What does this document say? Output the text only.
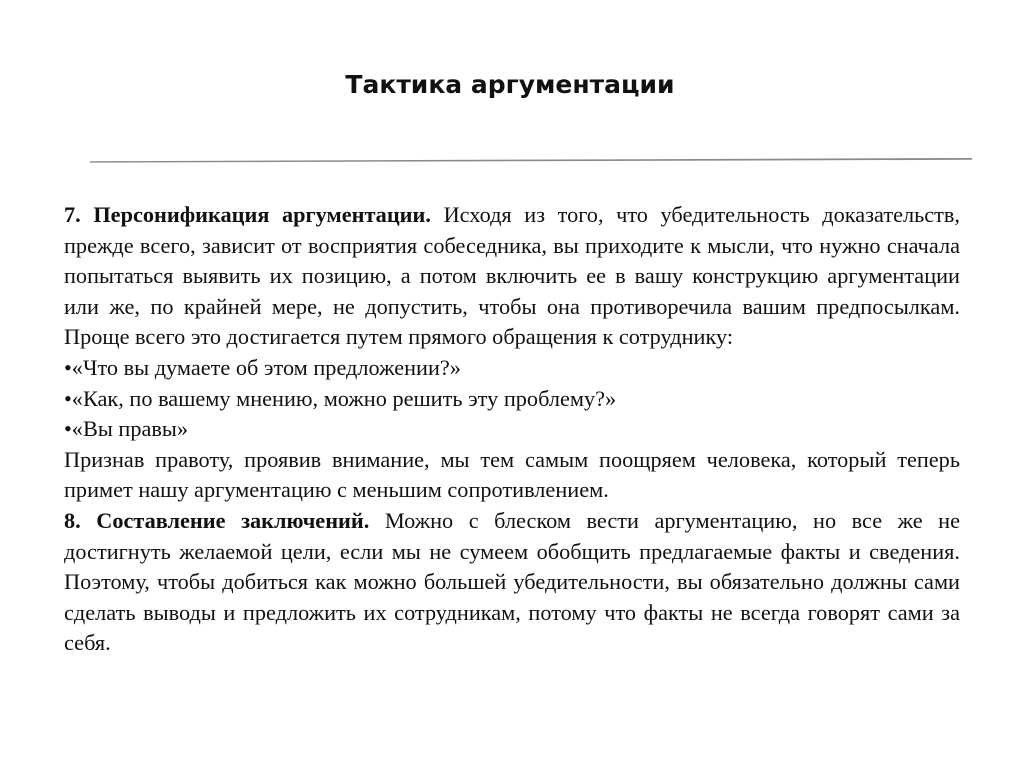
Тактика аргументации

7. Персонификация аргументации. Исходя из того, что убедительность доказательств, прежде всего, зависит от восприятия собеседника, вы приходите к мысли, что нужно сначала попытаться выявить их позицию, а потом включить ее в вашу конструкцию аргументации или же, по крайней мере, не допустить, чтобы она противоречила вашим предпосылкам. Проще всего это достигается путем прямого обращения к сотруднику:

•«Что вы думаете об этом предложении?»

•«Как, по вашему мнению, можно решить эту проблему?»

•«Вы правы»

Признав правоту, проявив внимание, мы тем самым поощряем человека, который теперь примет нашу аргументацию с меньшим сопротивлением.

8. Составление заключений. Можно с блеском вести аргументацию, но все же не достигнуть желаемой цели, если мы не сумеем обобщить предлагаемые факты и сведения. Поэтому, чтобы добиться как можно большей убедительности, вы обязательно должны сами сделать выводы и предложить их сотрудникам, потому что факты не всегда говорят сами за себя.
